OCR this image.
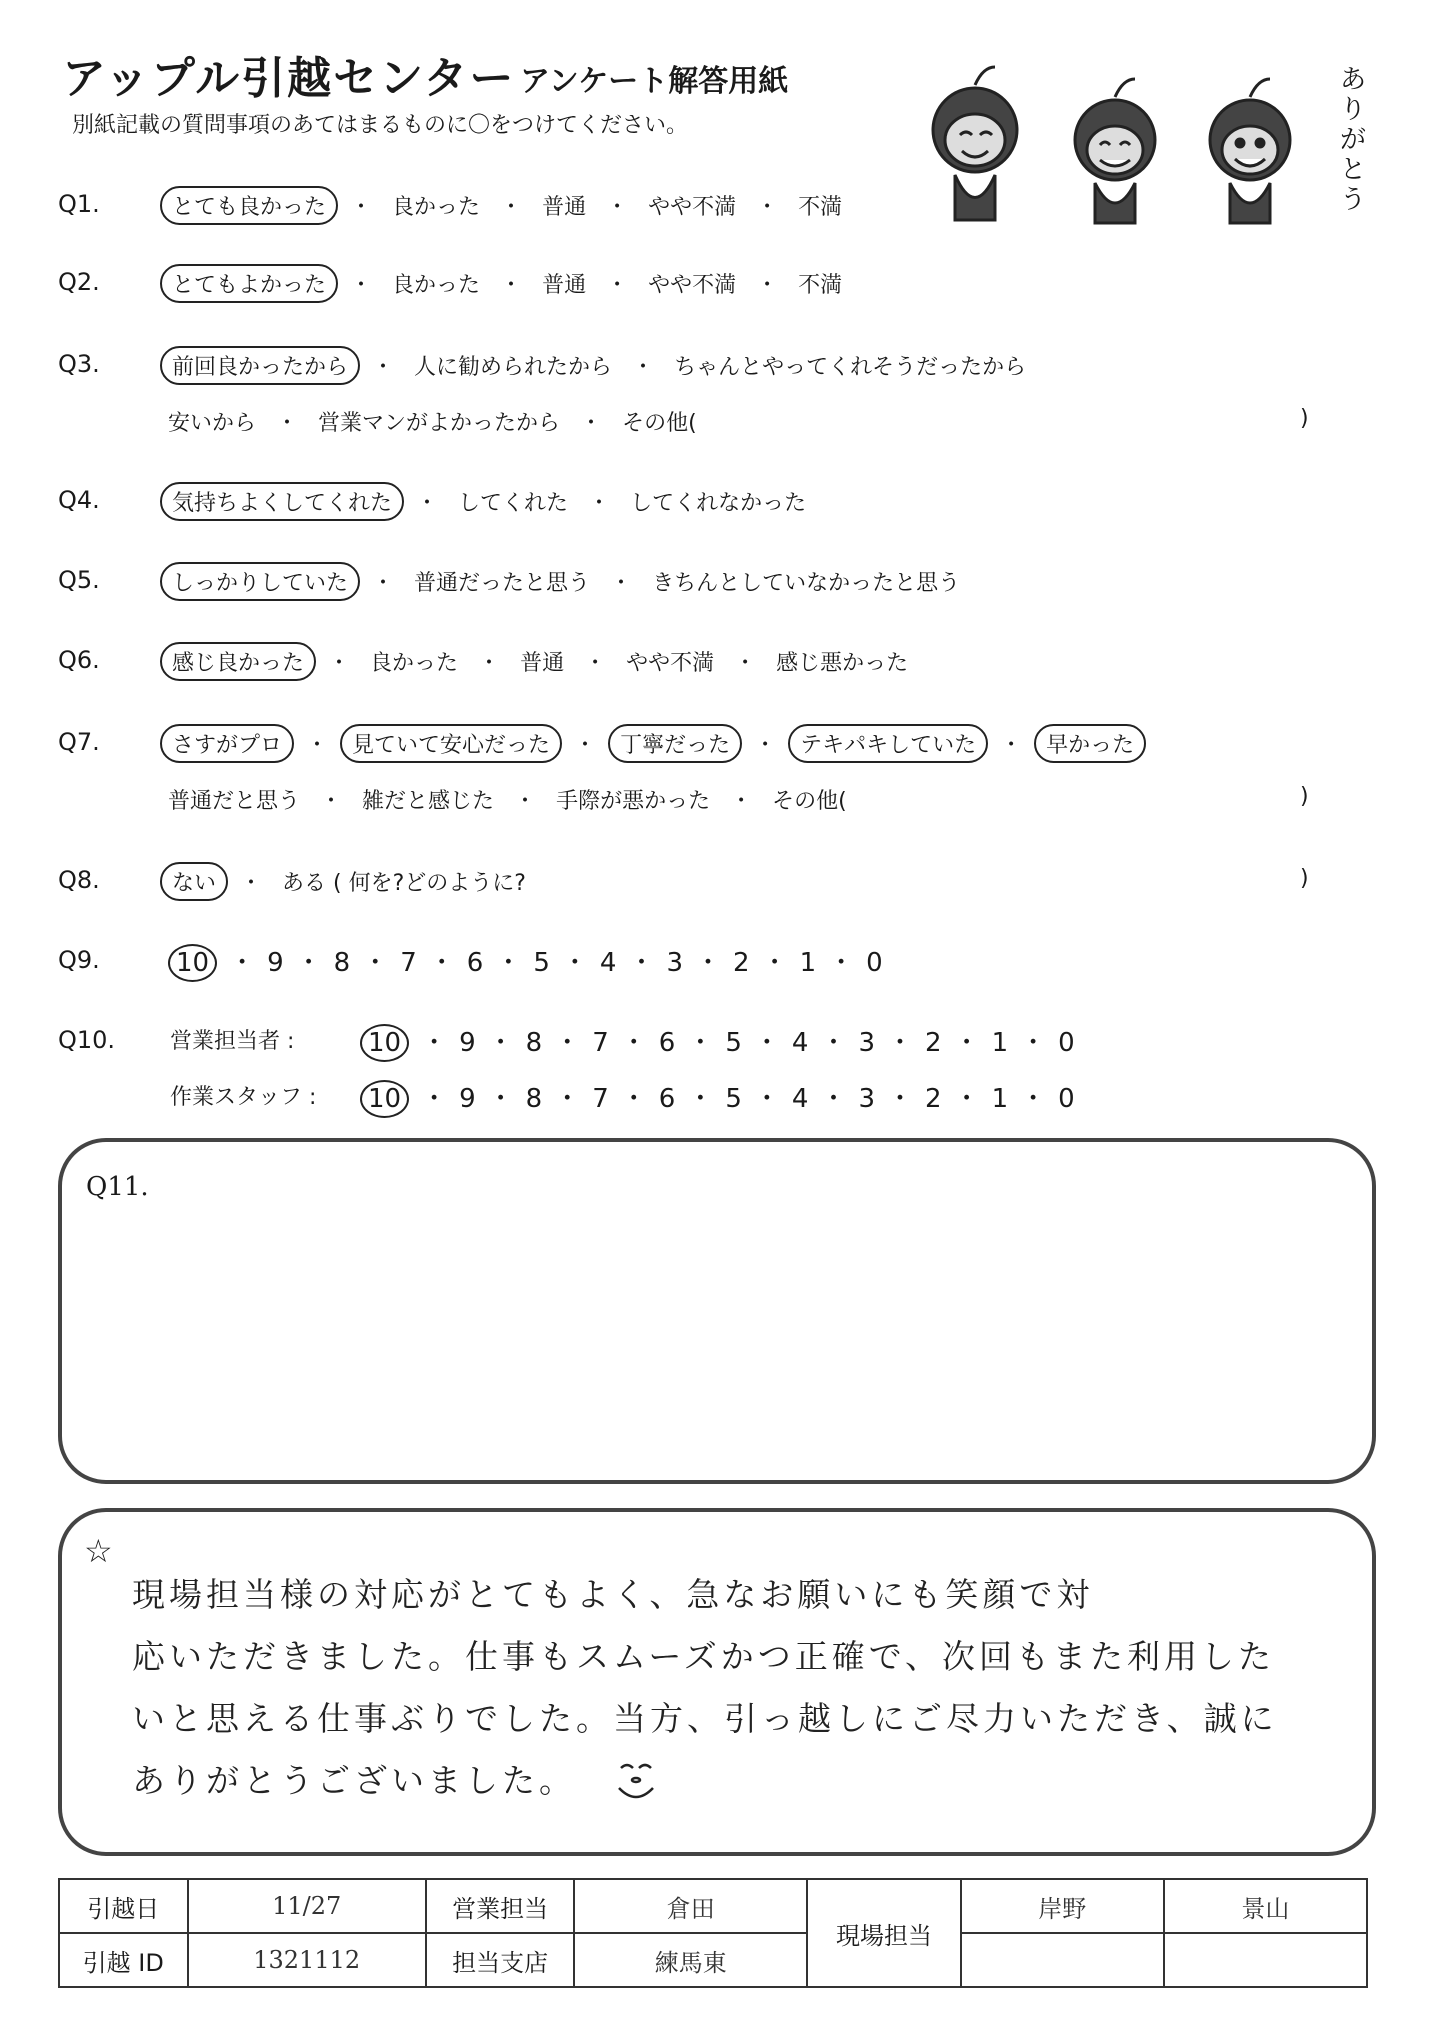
アップル引越センター アンケート解答用紙
別紙記載の質問事項のあてはまるものに〇をつけてください。
ありがとう
Q1.	とても良かった ・ 良かった ・ 普通 ・ やや不満 ・ 不満
Q2.	とてもよかった ・ 良かった ・ 普通 ・ やや不満 ・ 不満
Q3.	前回良かったから ・ 人に勧められたから ・ ちゃんとやってくれそうだったから
安いから ・ 営業マンがよかったから ・ その他(	)
Q4.	気持ちよくしてくれた ・ してくれた ・ してくれなかった
Q5.	しっかりしていた ・ 普通だったと思う ・ きちんとしていなかったと思う
Q6.	感じ良かった ・ 良かった ・ 普通 ・ やや不満 ・ 感じ悪かった
Q7.	さすがプロ ・ 見ていて安心だった ・ 丁寧だった ・ テキパキしていた ・ 早かった
普通だと思う ・ 雑だと感じた ・ 手際が悪かった ・ その他(	)
Q8.	ない ・ ある ( 何を?どのように?	)
Q9.	10 ・ 9 ・ 8 ・ 7 ・ 6 ・ 5 ・ 4 ・ 3 ・ 2 ・ 1 ・ 0
Q10. 営業担当者 :	10 ・ 9 ・ 8 ・ 7 ・ 6 ・ 5 ・ 4 ・ 3 ・ 2 ・ 1 ・ 0
作業スタッフ :	10 ・ 9 ・ 8 ・ 7 ・ 6 ・ 5 ・ 4 ・ 3 ・ 2 ・ 1 ・ 0
Q11.
☆
現場担当様の対応がとてもよく、急なお願いにも笑顔で対
応いただきました。仕事もスムーズかつ正確で、次回もまた利用した
いと思える仕事ぶりでした。当方、引っ越しにご尽力いただき、誠に
ありがとうございました。
引越日	11/27	営業担当	倉田	現場担当	岸野	景山
引越 ID	1321112	担当支店	練馬東			
